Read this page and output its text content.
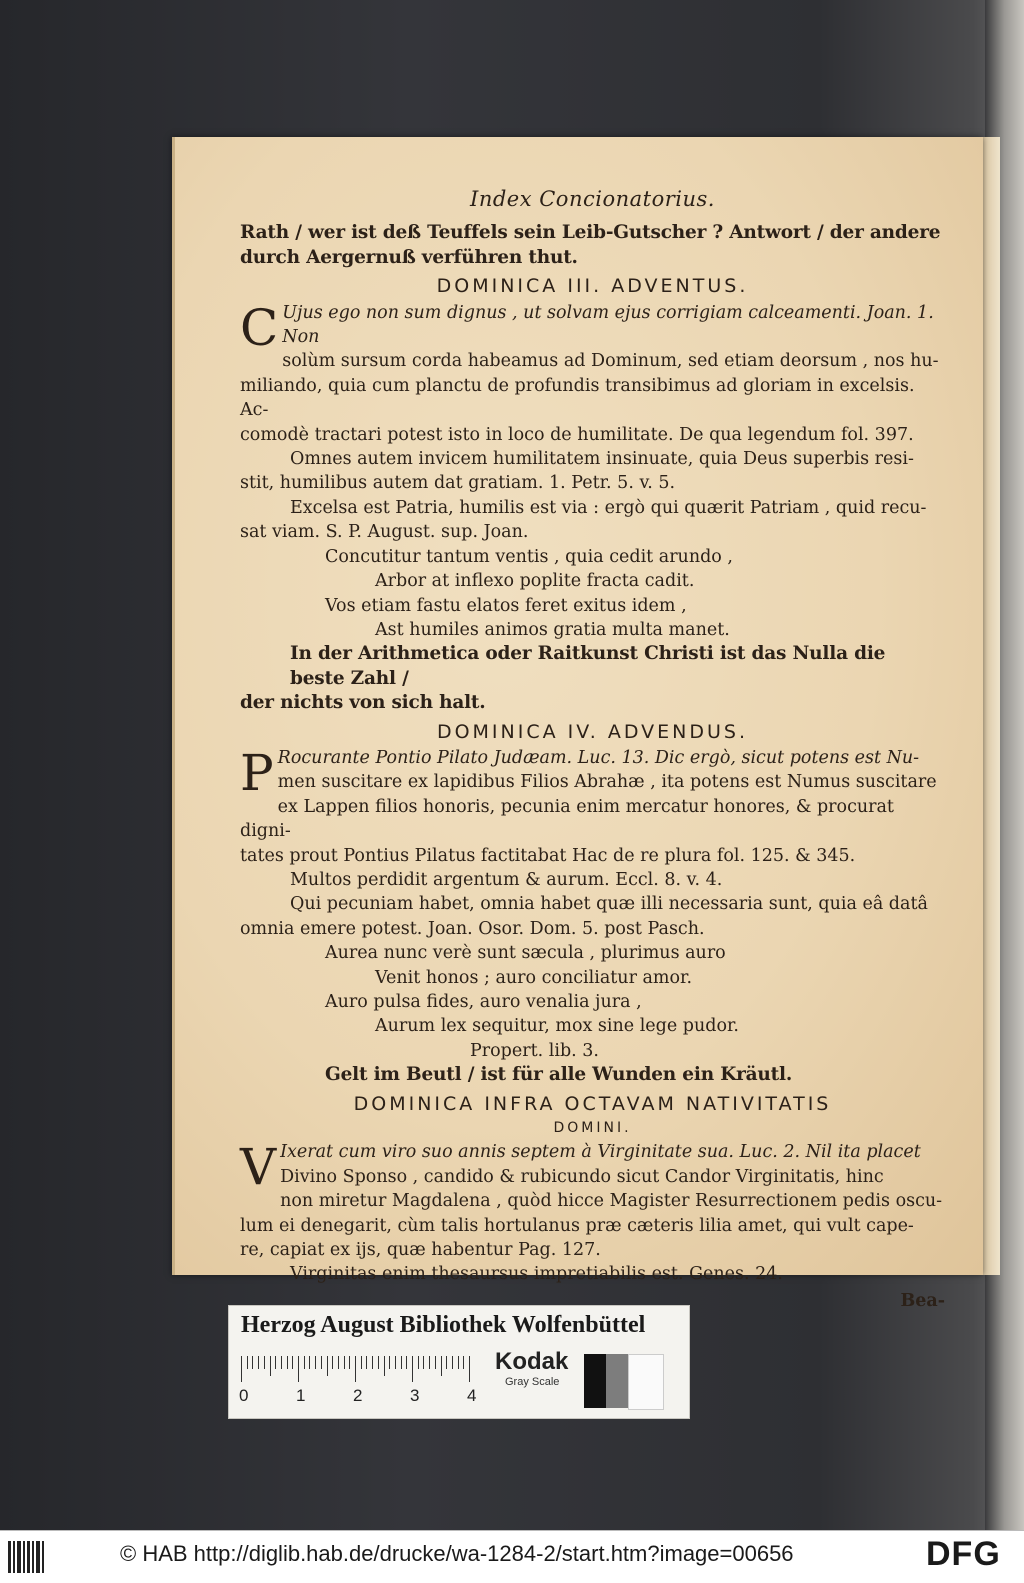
Index Concionatorius.
Rath / wer ist deß Teuffels sein Leib-Gutscher ? Antwort / der andere
durch Aergernuß verführen thut.
DOMINICA III. ADVENTUS.
C Ujus ego non sum dignus , ut solvam ejus corrigiam calceamenti. Joan. 1. Non
solùm sursum corda habeamus ad Dominum, sed etiam deorsum , nos hu-
miliando, quia cum planctu de profundis transibimus ad gloriam in excelsis. Ac-
comodè tractari potest isto in loco de humilitate. De qua legendum fol. 397.
Omnes autem invicem humilitatem insinuate, quia Deus superbis resi-
stit, humilibus autem dat gratiam. 1. Petr. 5. v. 5.
Excelsa est Patria, humilis est via : ergò qui quærit Patriam , quid recu-
sat viam. S. P. August. sup. Joan.
Concutitur tantum ventis , quia cedit arundo ,
Arbor at inflexo poplite fracta cadit.
Vos etiam fastu elatos feret exitus idem ,
Ast humiles animos gratia multa manet.
In der Arithmetica oder Raitkunst Christi ist das Nulla die beste Zahl /
der nichts von sich halt.
DOMINICA IV. ADVENDUS.
P Rocurante Pontio Pilato Judæam. Luc. 13. Dic ergò, sicut potens est Nu-
men suscitare ex lapidibus Filios Abrahæ , ita potens est Numus suscitare
ex Lappen filios honoris, pecunia enim mercatur honores, & procurat digni-
tates prout Pontius Pilatus factitabat Hac de re plura fol. 125. & 345.
Multos perdidit argentum & aurum. Eccl. 8. v. 4.
Qui pecuniam habet, omnia habet quæ illi necessaria sunt, quia eâ datâ
omnia emere potest. Joan. Osor. Dom. 5. post Pasch.
Aurea nunc verè sunt sæcula , plurimus auro
Venit honos ; auro conciliatur amor.
Auro pulsa fides, auro venalia jura ,
Aurum lex sequitur, mox sine lege pudor.
Propert. lib. 3.
Gelt im Beutl / ist für alle Wunden ein Kräutl.
DOMINICA INFRA OCTAVAM NATIVITATIS
DOMINI.
V Ixerat cum viro suo annis septem à Virginitate sua. Luc. 2. Nil ita placet
Divino Sponso , candido & rubicundo sicut Candor Virginitatis, hinc
non miretur Magdalena , quòd hicce Magister Resurrectionem pedis oscu-
lum ei denegarit, cùm talis hortulanus præ cæteris lilia amet, qui vult cape-
re, capiat ex ijs, quæ habentur Pag. 127.
Virginitas enim thesaursus impretiabilis est. Genes. 24.
Bea-
Herzog August Bibliothek Wolfenbüttel
0	1	2	3	4
Kodak
Gray Scale
© HAB http://diglib.hab.de/drucke/wa-1284-2/start.htm?image=00656	DFG
